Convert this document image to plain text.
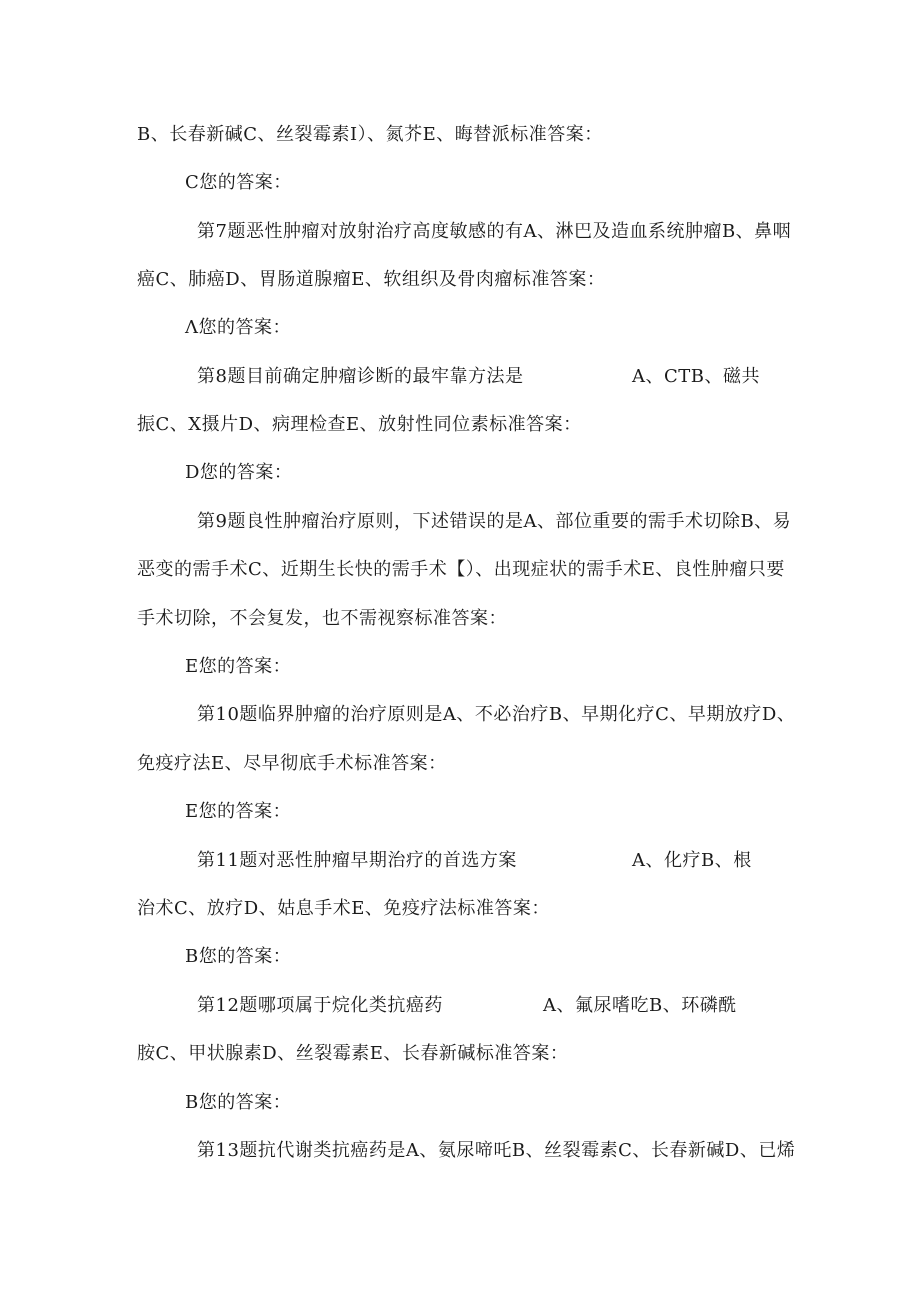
B、长春新碱C、丝裂霉素I）、氮芥E、晦替派标准答案：
C您的答案：
第7题恶性肿瘤对放射治疗高度敏感的有A、淋巴及造血系统肿瘤B、鼻咽
癌C、肺癌D、胃肠道腺瘤E、软组织及骨肉瘤标准答案：
Λ您的答案：
第8题目前确定肿瘤诊断的最牢靠方法是	A、CTB、磁共
振C、X摄片D、病理检查E、放射性同位素标准答案：
D您的答案：
第9题良性肿瘤治疗原则，下述错误的是A、部位重要的需手术切除B、易
恶变的需手术C、近期生长快的需手术【）、出现症状的需手术E、良性肿瘤只要
手术切除，不会复发，也不需视察标准答案：
E您的答案：
第10题临界肿瘤的治疗原则是A、不必治疗B、早期化疗C、早期放疗D、
免疫疗法E、尽早彻底手术标准答案：
E您的答案：
第11题对恶性肿瘤早期治疗的首选方案	A、化疗B、根
治术C、放疗D、姑息手术E、免疫疗法标准答案：
B您的答案：
第12题哪项属于烷化类抗癌药	A、氟尿嗜吃B、环磷酰
胺C、甲状腺素D、丝裂霉素E、长春新碱标准答案：
B您的答案：
第13题抗代谢类抗癌药是A、氨尿啼吒B、丝裂霉素C、长春新碱D、已烯
